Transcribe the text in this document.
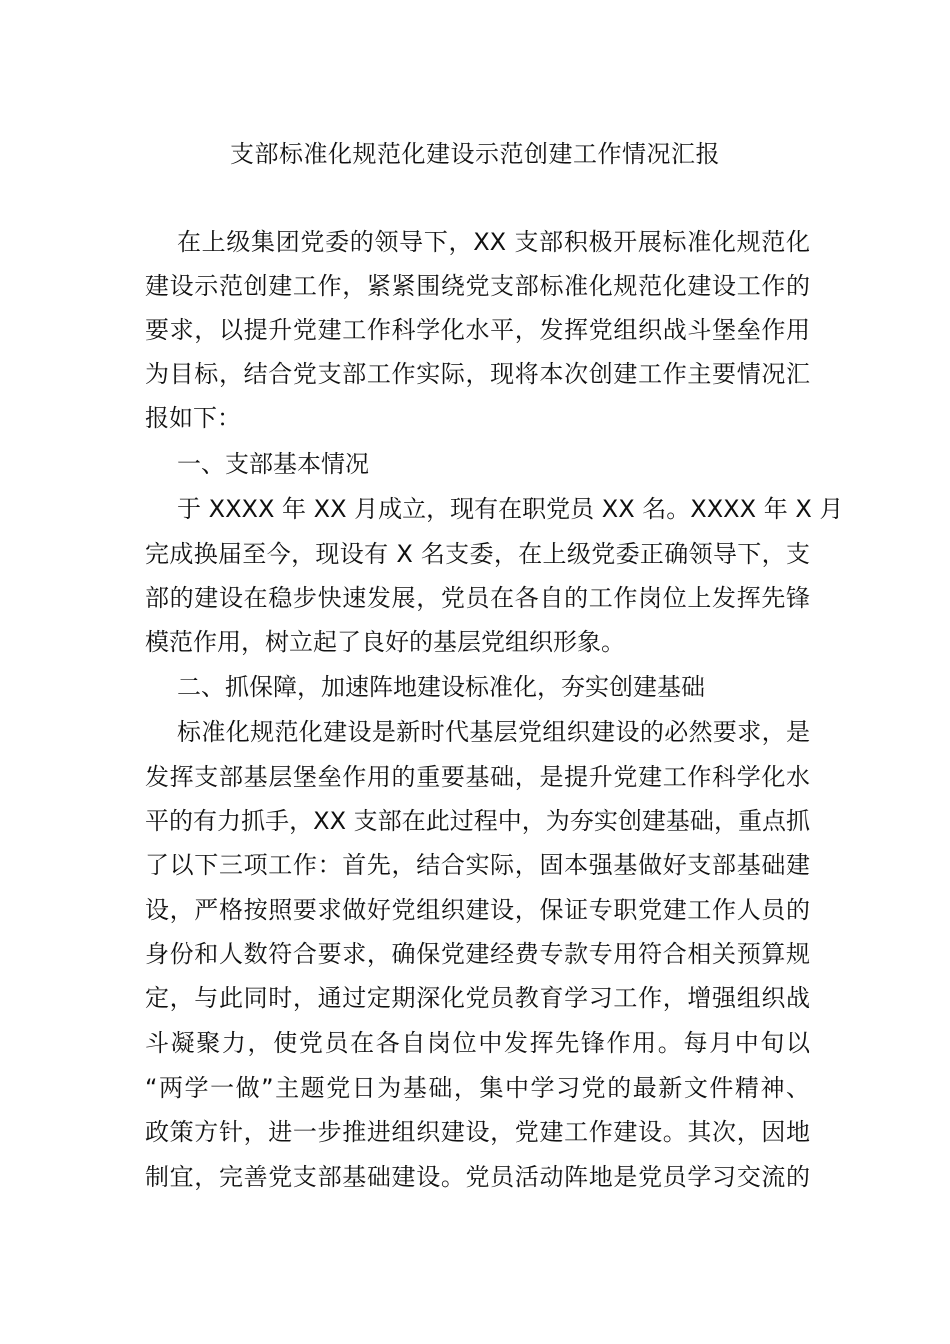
支部标准化规范化建设示范创建工作情况汇报
在上级集团党委的领导下，XX 支部积极开展标准化规范化
建设示范创建工作，紧紧围绕党支部标准化规范化建设工作的
要求，以提升党建工作科学化水平，发挥党组织战斗堡垒作用
为目标，结合党支部工作实际，现将本次创建工作主要情况汇
报如下：
一、支部基本情况
于 XXXX 年 XX 月成立，现有在职党员 XX 名。XXXX 年 X 月
完成换届至今，现设有 X 名支委，在上级党委正确领导下，支
部的建设在稳步快速发展，党员在各自的工作岗位上发挥先锋
模范作用，树立起了良好的基层党组织形象。
二、抓保障，加速阵地建设标准化，夯实创建基础
标准化规范化建设是新时代基层党组织建设的必然要求，是
发挥支部基层堡垒作用的重要基础，是提升党建工作科学化水
平的有力抓手，XX 支部在此过程中，为夯实创建基础，重点抓
了以下三项工作：首先，结合实际，固本强基做好支部基础建
设，严格按照要求做好党组织建设，保证专职党建工作人员的
身份和人数符合要求，确保党建经费专款专用符合相关预算规
定，与此同时，通过定期深化党员教育学习工作，增强组织战
斗凝聚力，使党员在各自岗位中发挥先锋作用。每月中旬以
“两学一做”主题党日为基础，集中学习党的最新文件精神、
政策方针，进一步推进组织建设，党建工作建设。其次，因地
制宜，完善党支部基础建设。党员活动阵地是党员学习交流的
